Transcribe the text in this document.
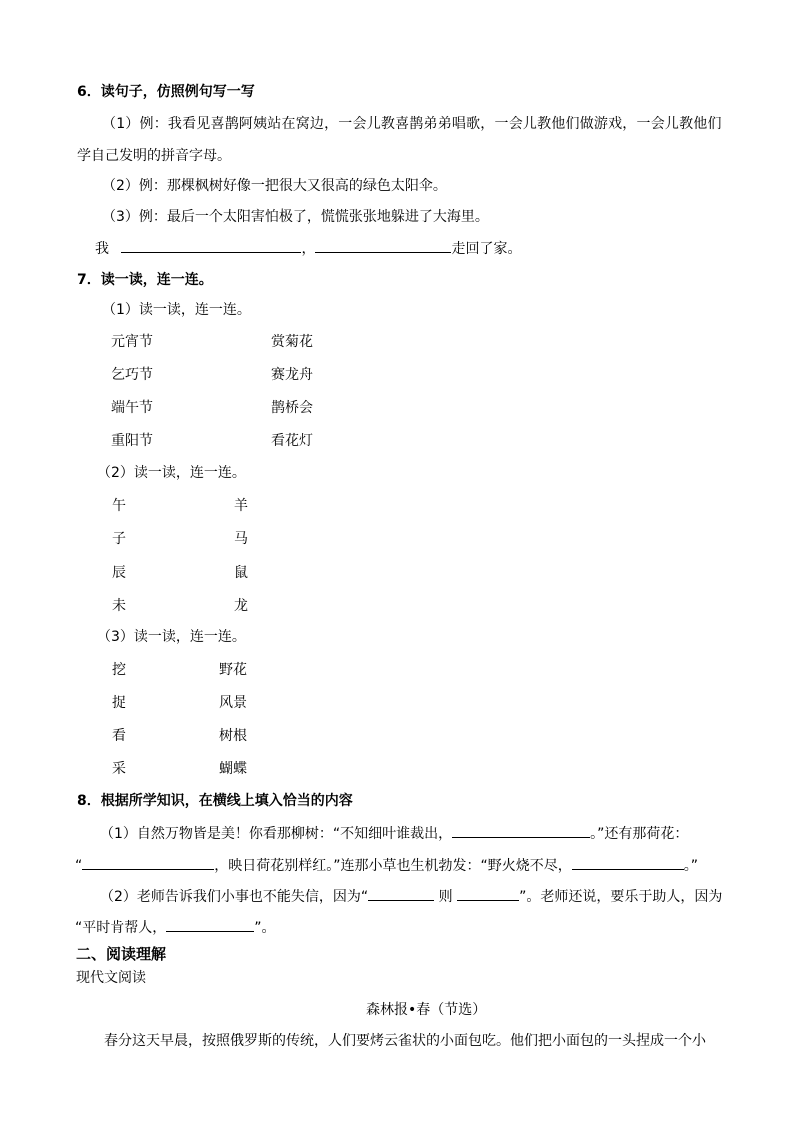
6．读句子，仿照例句写一写
（1）例：我看见喜鹊阿姨站在窝边，一会儿教喜鹊弟弟唱歌，一会儿教他们做游戏，一会儿教他们
学自己发明的拼音字母。
（2）例：那棵枫树好像一把很大又很高的绿色太阳伞。
（3）例：最后一个太阳害怕极了，慌慌张张地躲进了大海里。
我	，	走回了家。
7．读一读，连一连。
（1）读一读，连一连。
元宵节	赏菊花
乞巧节	赛龙舟
端午节	鹊桥会
重阳节	看花灯
（2）读一读，连一连。
午	羊
子	马
辰	鼠
未	龙
（3）读一读，连一连。
挖	野花
捉	风景
看	树根
采	蝴蝶
8．根据所学知识，在横线上填入恰当的内容
（1）自然万物皆是美！你看那柳树：“不知细叶谁裁出，	。”还有那荷花：
“	，映日荷花别样红。”连那小草也生机勃发：“野火烧不尽，	。”
（2）老师告诉我们小事也不能失信，因为“	则	”。老师还说，要乐于助人，因为
“平时肯帮人，	”。
二、阅读理解
现代文阅读
森林报•春（节选）
春分这天早晨，按照俄罗斯的传统，人们要烤云雀状的小面包吃。他们把小面包的一头捏成一个小
